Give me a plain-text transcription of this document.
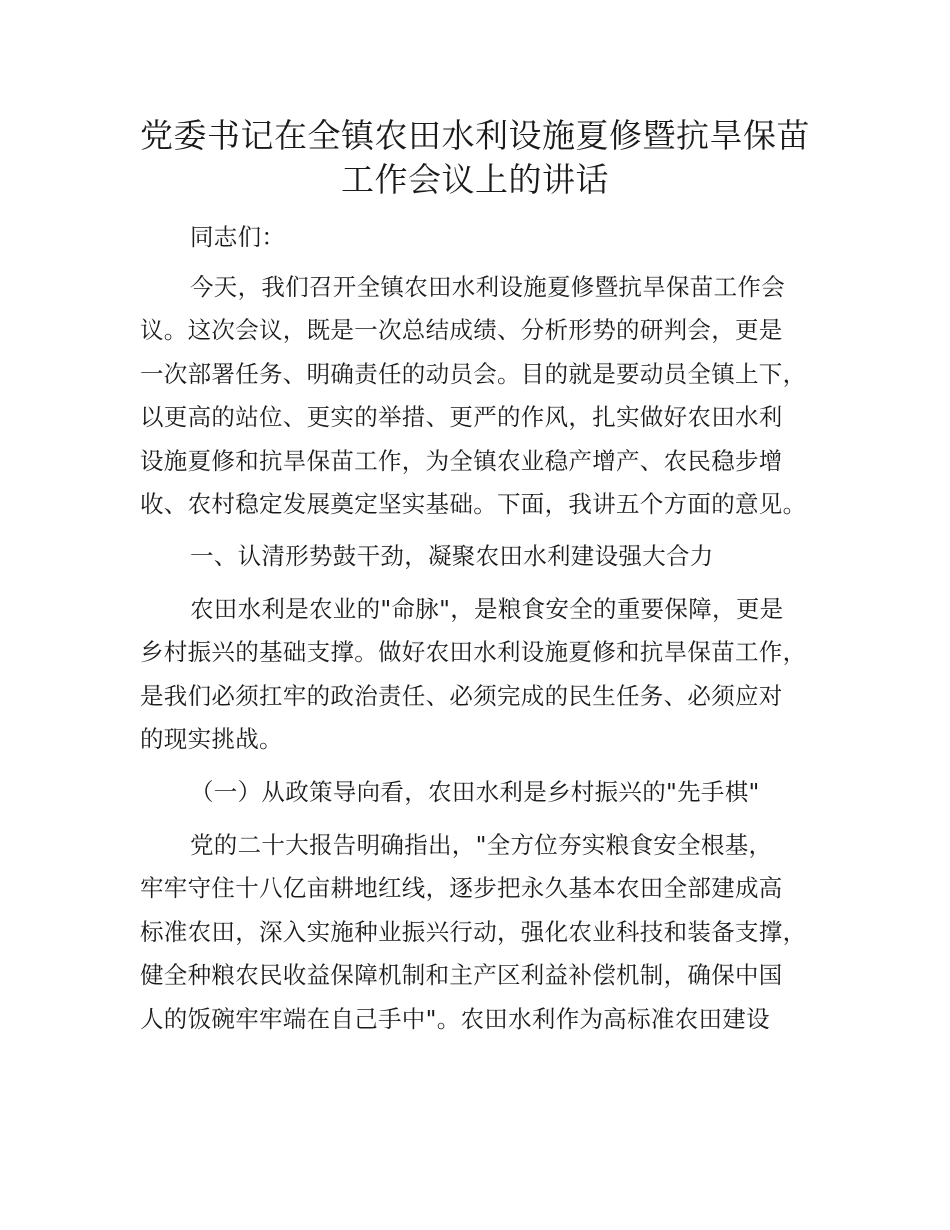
党委书记在全镇农田水利设施夏修暨抗旱保苗
工作会议上的讲话
同志们：
今天，我们召开全镇农田水利设施夏修暨抗旱保苗工作会
议。这次会议，既是一次总结成绩、分析形势的研判会，更是
一次部署任务、明确责任的动员会。目的就是要动员全镇上下，
以更高的站位、更实的举措、更严的作风，扎实做好农田水利
设施夏修和抗旱保苗工作，为全镇农业稳产增产、农民稳步增
收、农村稳定发展奠定坚实基础。下面，我讲五个方面的意见。
一、认清形势鼓干劲，凝聚农田水利建设强大合力
农田水利是农业的"命脉"，是粮食安全的重要保障，更是
乡村振兴的基础支撑。做好农田水利设施夏修和抗旱保苗工作，
是我们必须扛牢的政治责任、必须完成的民生任务、必须应对
的现实挑战。
（一）从政策导向看，农田水利是乡村振兴的"先手棋"
党的二十大报告明确指出，"全方位夯实粮食安全根基，
牢牢守住十八亿亩耕地红线，逐步把永久基本农田全部建成高
标准农田，深入实施种业振兴行动，强化农业科技和装备支撑，
健全种粮农民收益保障机制和主产区利益补偿机制，确保中国
人的饭碗牢牢端在自己手中"。农田水利作为高标准农田建设
